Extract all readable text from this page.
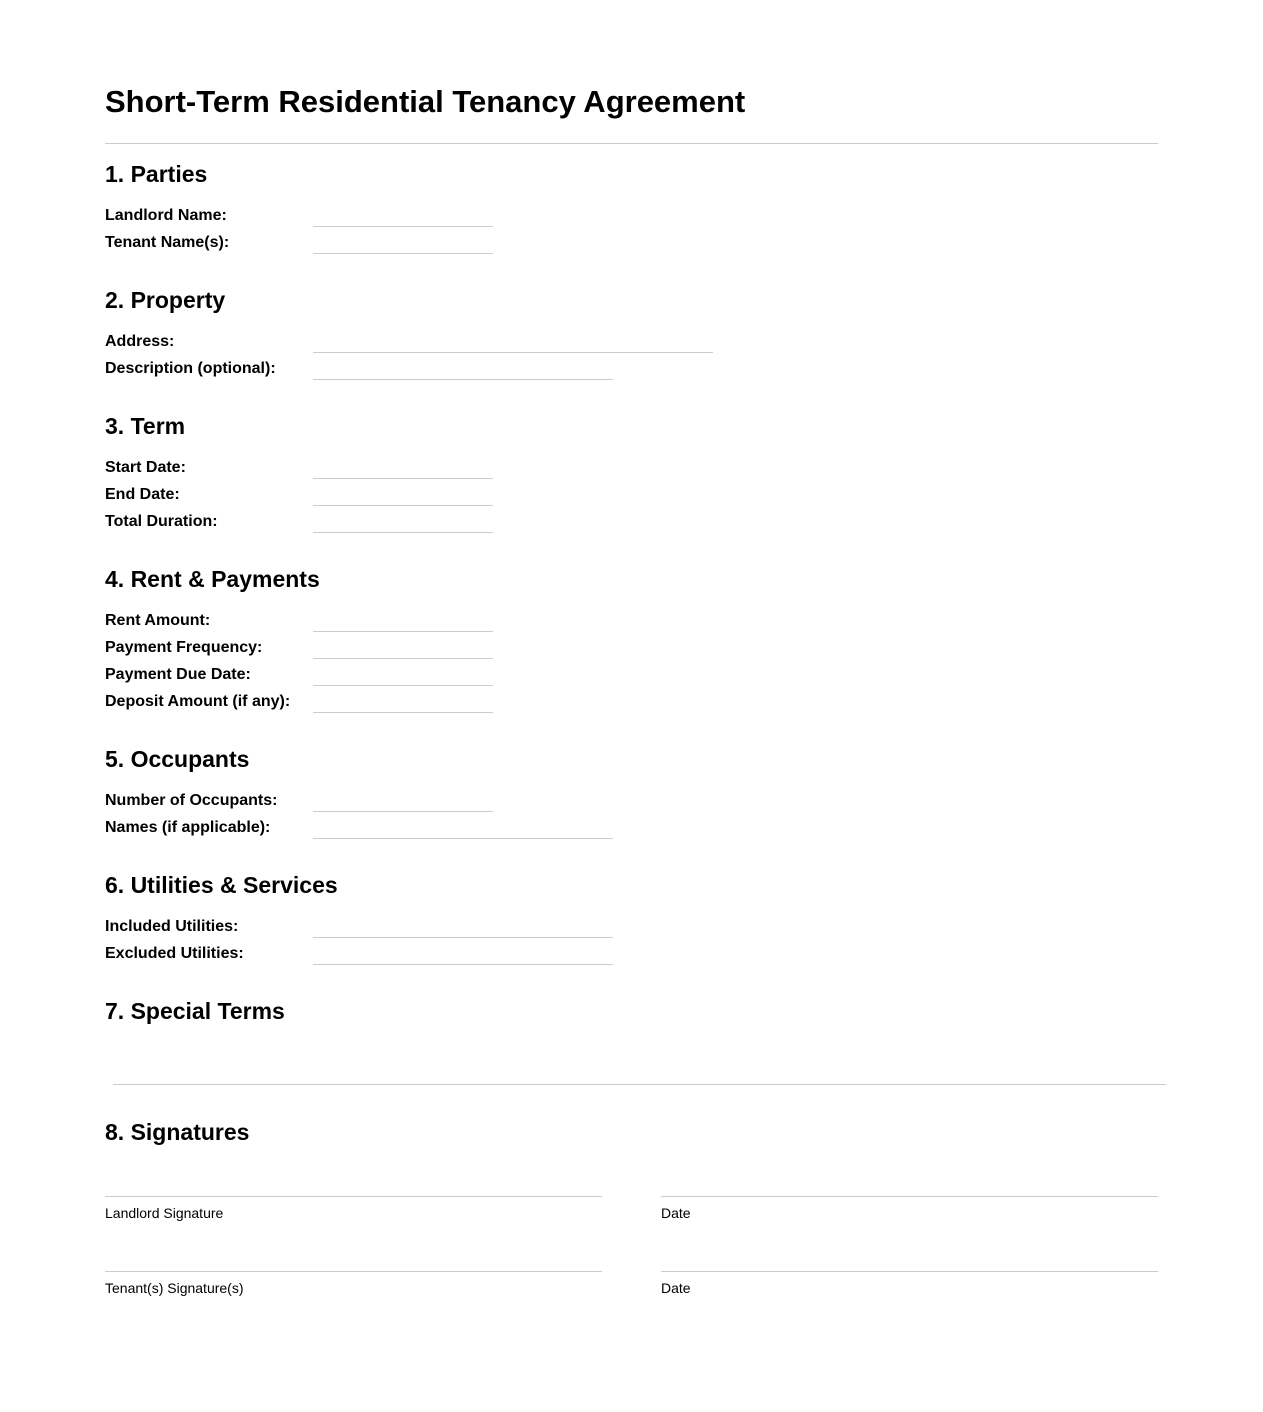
Short-Term Residential Tenancy Agreement
1. Parties
Landlord Name:
Tenant Name(s):
2. Property
Address:
Description (optional):
3. Term
Start Date:
End Date:
Total Duration:
4. Rent & Payments
Rent Amount:
Payment Frequency:
Payment Due Date:
Deposit Amount (if any):
5. Occupants
Number of Occupants:
Names (if applicable):
6. Utilities & Services
Included Utilities:
Excluded Utilities:
7. Special Terms
8. Signatures
Landlord Signature	Date
Tenant(s) Signature(s)	Date
